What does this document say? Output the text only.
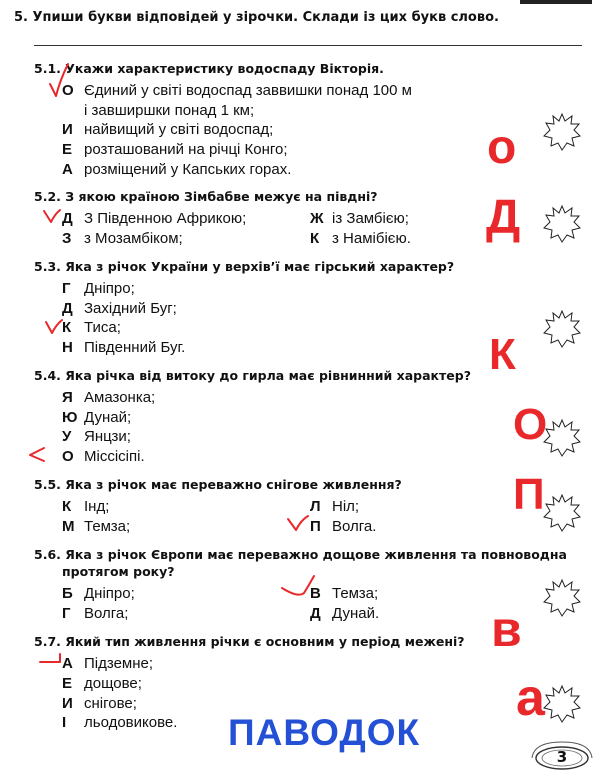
5. Упиши букви відповідей у зірочки. Склади із цих букв слово.
5.1. Укажи характеристику водоспаду Вікторія.
О Єдиний у світі водоспад заввишки понад 100 м
і завширшки понад 1 км;
И найвищий у світі водоспад;
Е розташований на річці Конго;
А розміщений у Капських горах.
5.2. З якою країною Зімбабве межує на півдні?
Д З Південною Африкою;	Ж із Замбією;
З з Мозамбіком;	К з Намібією.
5.3. Яка з річок України у верхів’ї має гірський характер?
Г Дніпро;
Д Західний Буг;
К Тиса;
Н Південний Буг.
5.4. Яка річка від витоку до гирла має рівнинний характер?
Я Амазонка;
Ю Дунай;
У Янцзи;
О Міссісіпі.
5.5. Яка з річок має переважно снігове живлення?
К Інд;	Л Ніл;
М Темза;	П Волга.
5.6. Яка з річок Європи має переважно дощове живлення та повноводна
протягом року?
Б Дніпро;	В Темза;
Г Волга;	Д Дунай.
5.7. Який тип живлення річки є основним у період межені?
А Підземне;
Е дощове;
И снігове;
І льодовикове.
о
Д
К
О
П
в
а
ПАВОДОК
3
